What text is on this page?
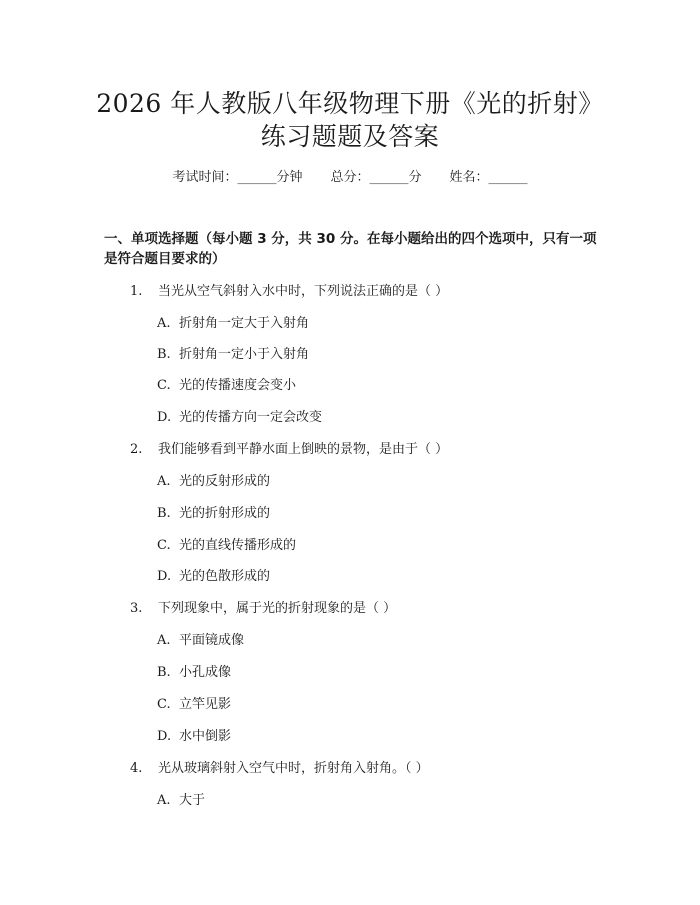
2026 年人教版八年级物理下册《光的折射》
练习题题及答案
考试时间：______分钟 总分：______分 姓名：______
一、单项选择题（每小题 3 分，共 30 分。在每小题给出的四个选项中，只有一项
是符合题目要求的）
1. 当光从空气斜射入水中时，下列说法正确的是（ ）
A. 折射角一定大于入射角
B. 折射角一定小于入射角
C. 光的传播速度会变小
D. 光的传播方向一定会改变
2. 我们能够看到平静水面上倒映的景物，是由于（ ）
A. 光的反射形成的
B. 光的折射形成的
C. 光的直线传播形成的
D. 光的色散形成的
3. 下列现象中，属于光的折射现象的是（ ）
A. 平面镜成像
B. 小孔成像
C. 立竿见影
D. 水中倒影
4. 光从玻璃斜射入空气中时，折射角入射角。（ ）
A. 大于
